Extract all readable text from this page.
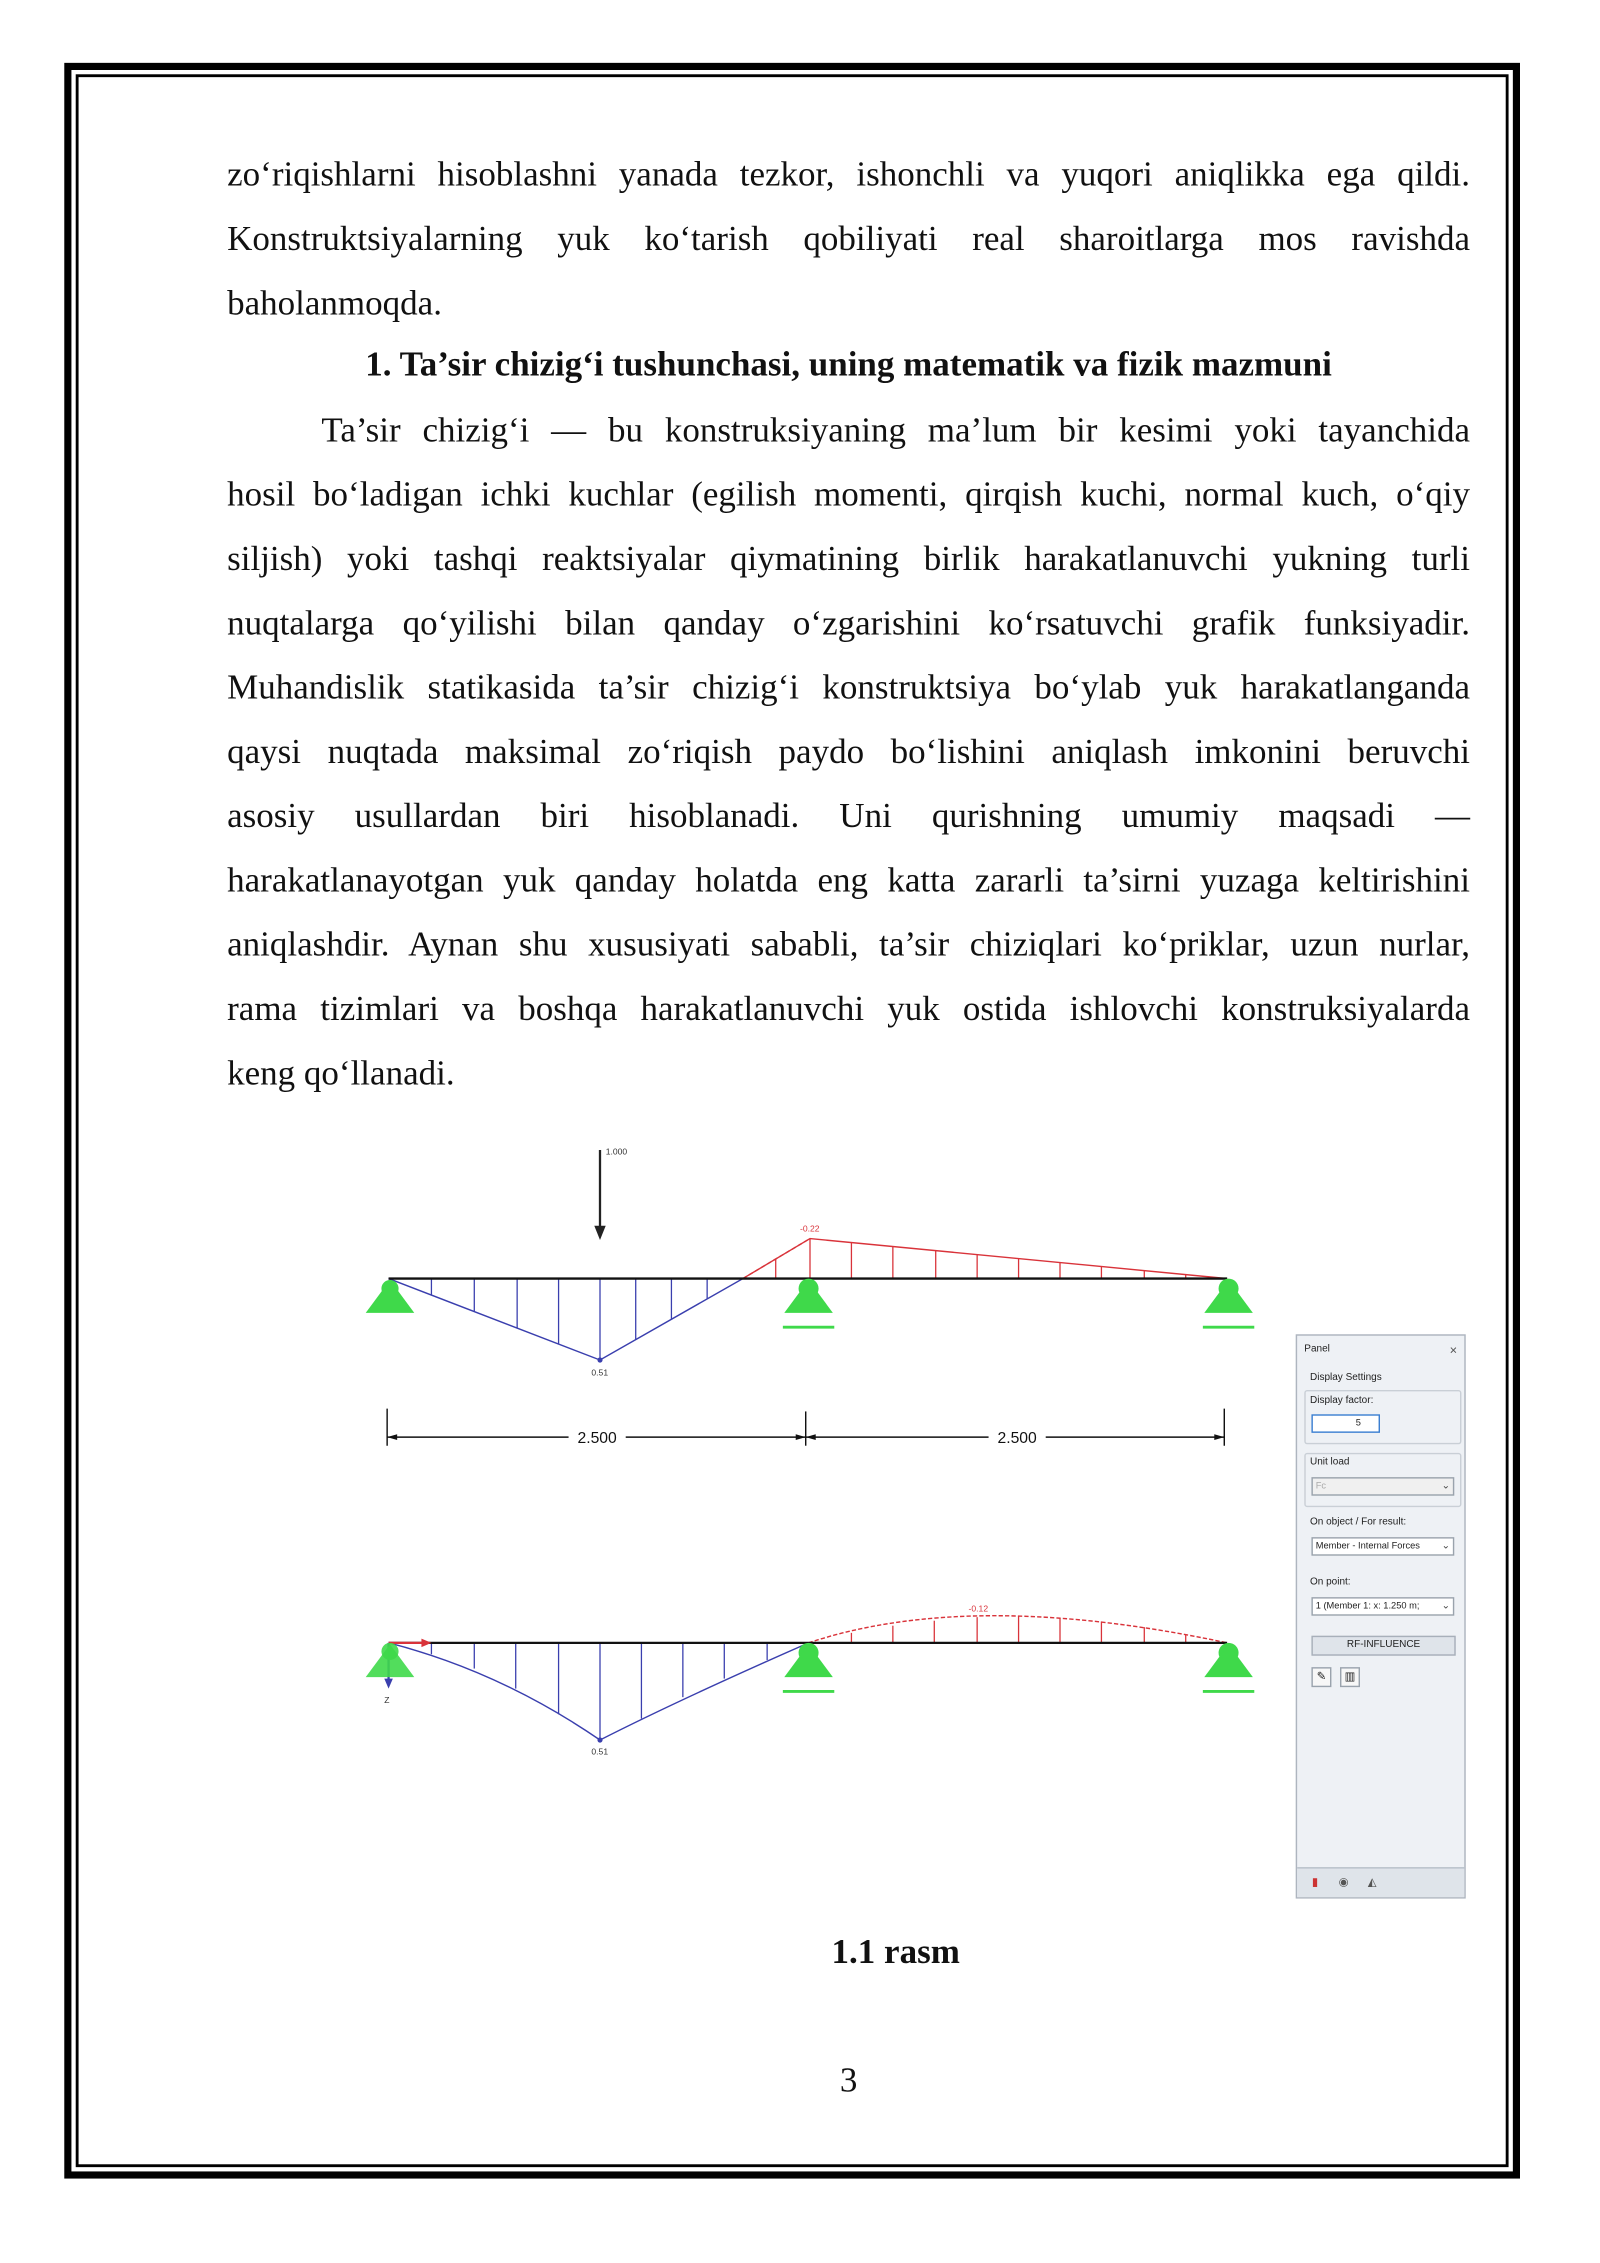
zo‘riqishlarni hisoblashni yanada tezkor, ishonchli va yuqori aniqlikka ega qildi.
Konstruktsiyalarning yuk ko‘tarish qobiliyati real sharoitlarga mos ravishda
baholanmoqda.
1. Ta’sir chizig‘i tushunchasi, uning matematik va fizik mazmuni
Ta’sir chizig‘i — bu konstruksiyaning ma’lum bir kesimi yoki tayanchida
hosil bo‘ladigan ichki kuchlar (egilish momenti, qirqish kuchi, normal kuch, o‘qiy
siljish) yoki tashqi reaktsiyalar qiymatining birlik harakatlanuvchi yukning turli
nuqtalarga qo‘yilishi bilan qanday o‘zgarishini ko‘rsatuvchi grafik funksiyadir.
Muhandislik statikasida ta’sir chizig‘i konstruktsiya bo‘ylab yuk harakatlanganda
qaysi nuqtada maksimal zo‘riqish paydo bo‘lishini aniqlash imkonini beruvchi
asosiy usullardan biri hisoblanadi. Uni qurishning umumiy maqsadi —
harakatlanayotgan yuk qanday holatda eng katta zararli ta’sirni yuzaga keltirishini
aniqlashdir. Aynan shu xususiyati sababli, ta’sir chiziqlari ko‘priklar, uzun nurlar,
rama tizimlari va boshqa harakatlanuvchi yuk ostida ishlovchi konstruksiyalarda
keng qo‘llanadi.
1.000
0.51
-0.22
2.500	2.500
0.51
-0.12
Z
Panel	×
Display Settings
Display factor:
5
Unit load
Fc	⌄
On object / For result:
Member - Internal Forces	⌄
On point:
1 (Member 1: x: 1.250 m;	⌄
RF-INFLUENCE
✎	▥
▮	◉	◭
1.1 rasm
3
